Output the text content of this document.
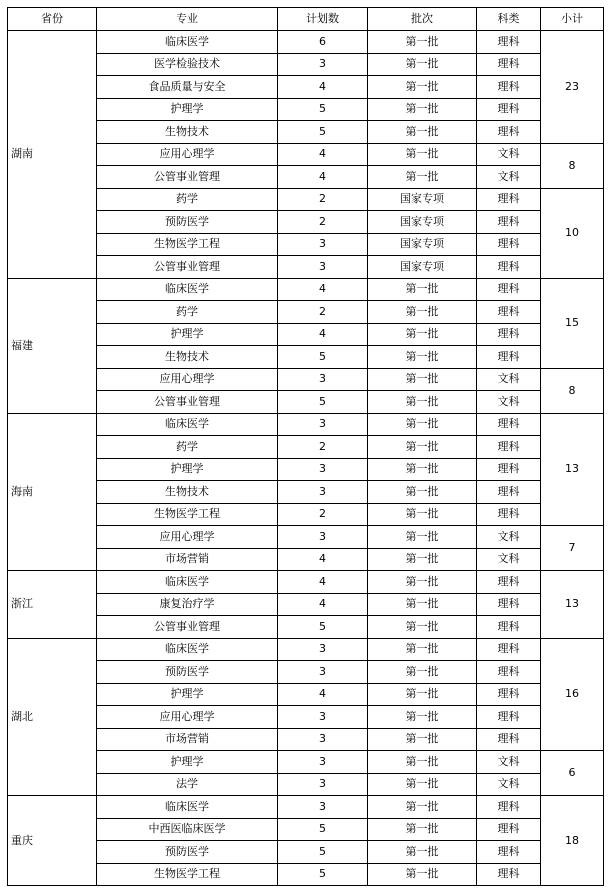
省份	专业	计划数	批次	科类	小计
湖南	临床医学	6	第一批	理科	23
	医学检验技术	3	第一批	理科	
	食品质量与安全	4	第一批	理科	
	护理学	5	第一批	理科	
	生物技术	5	第一批	理科	
	应用心理学	4	第一批	文科	8
	公管事业管理	4	第一批	文科	
	药学	2	国家专项	理科	10
	预防医学	2	国家专项	理科	
	生物医学工程	3	国家专项	理科	
	公管事业管理	3	国家专项	理科	
福建	临床医学	4	第一批	理科	15
	药学	2	第一批	理科	
	护理学	4	第一批	理科	
	生物技术	5	第一批	理科	
	应用心理学	3	第一批	文科	8
	公管事业管理	5	第一批	文科	
海南	临床医学	3	第一批	理科	13
	药学	2	第一批	理科	
	护理学	3	第一批	理科	
	生物技术	3	第一批	理科	
	生物医学工程	2	第一批	理科	
	应用心理学	3	第一批	文科	7
	市场营销	4	第一批	文科	
浙江	临床医学	4	第一批	理科	13
	康复治疗学	4	第一批	理科	
	公管事业管理	5	第一批	理科	
湖北	临床医学	3	第一批	理科	16
	预防医学	3	第一批	理科	
	护理学	4	第一批	理科	
	应用心理学	3	第一批	理科	
	市场营销	3	第一批	理科	
	护理学	3	第一批	文科	6
	法学	3	第一批	文科	
重庆	临床医学	3	第一批	理科	18
	中西医临床医学	5	第一批	理科	
	预防医学	5	第一批	理科	
	生物医学工程	5	第一批	理科	
